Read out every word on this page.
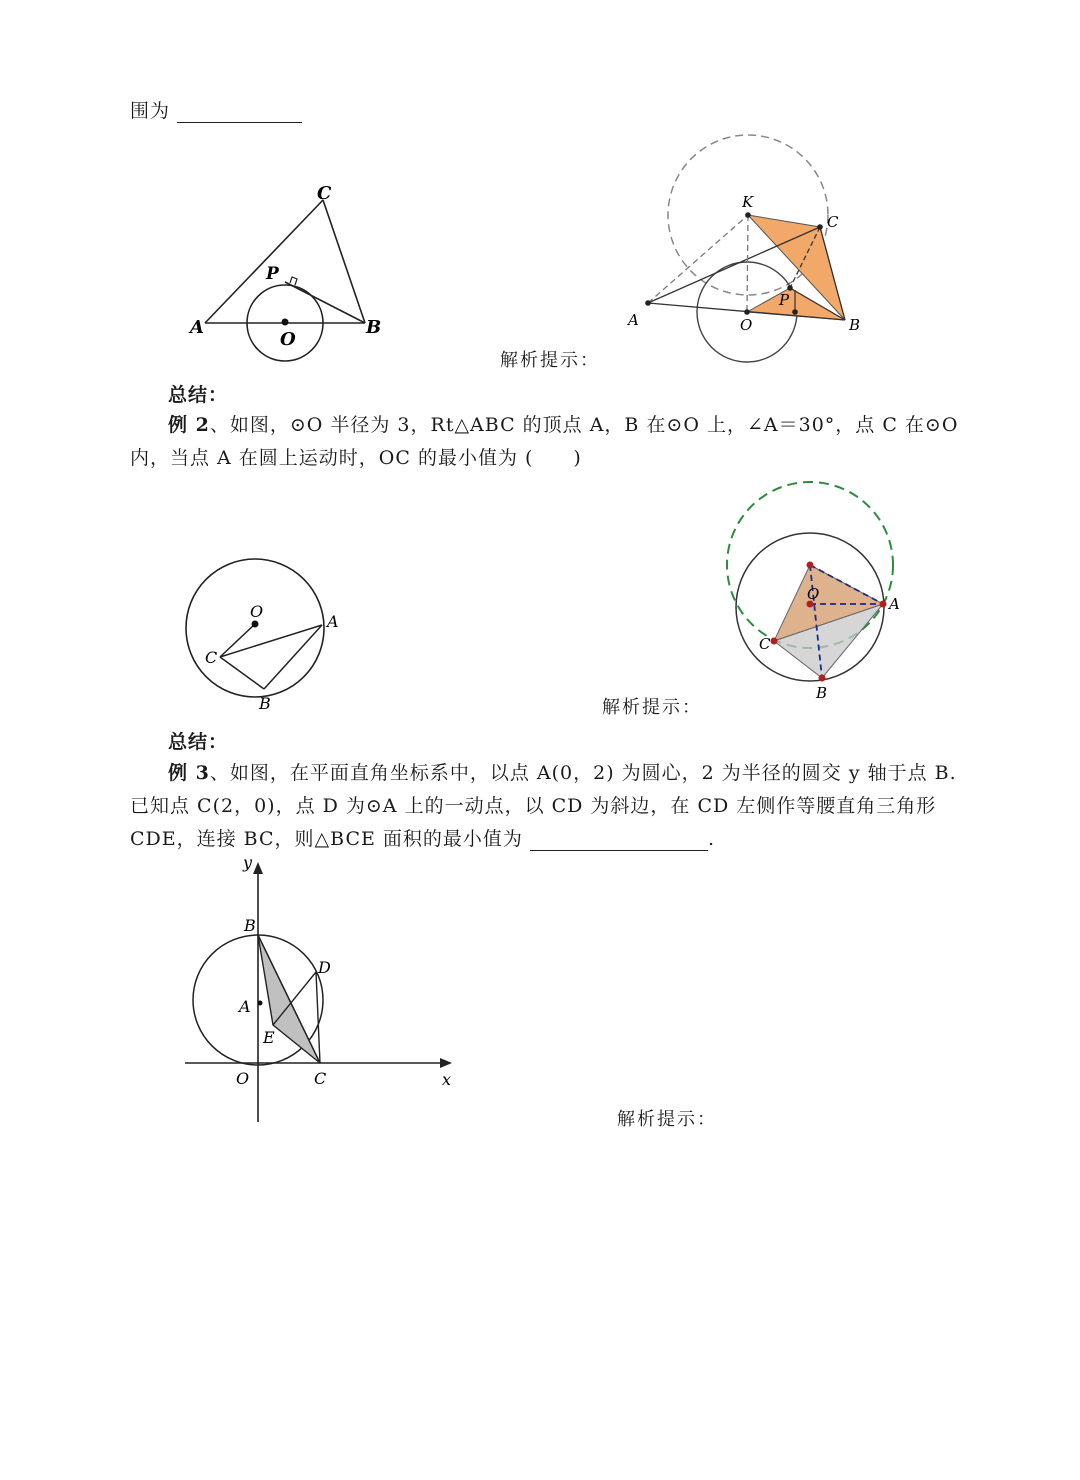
围为
C
P
A	B
O
A	B
C
O
P
K
解析提示：
总结：
例 2、如图，⊙O 半径为 3，Rt△ABC 的顶点 A，B 在⊙O 上，∠A＝30°，点 C 在⊙O
内，当点 A 在圆上运动时，OC 的最小值为 (　　)
O
C
A
B
O
A
C
B
解析提示：
总结：
例 3、如图，在平面直角坐标系中，以点 A(0，2) 为圆心，2 为半径的圆交 y 轴于点 B.
已知点 C(2，0)，点 D 为⊙A 上的一动点，以 CD 为斜边，在 CD 左侧作等腰直角三角形
CDE，连接 BC，则△BCE 面积的最小值为	.
y
x
B
A
D
E
O	C
解析提示：
